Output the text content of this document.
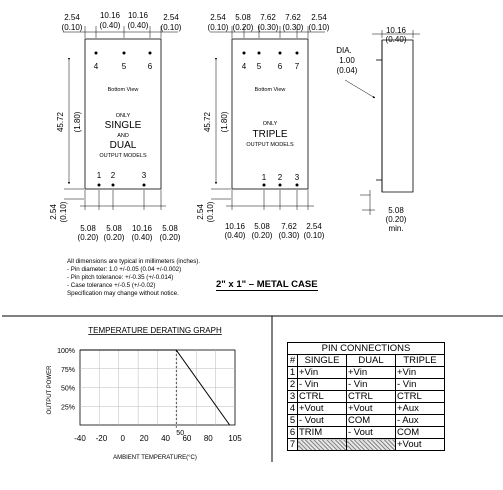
2.54
(0.10)
10.16
(0.40)
10.16
(0.40)
2.54
(0.10)
4	5	6
1 2	3
Bottom View
ONLY
SINGLE
AND
DUAL
OUTPUT MODELS
45.72 (1.80)
2.54 (0.10)
5.08
(0.20)
5.08
(0.20)
10.16
(0.40)
5.08
(0.20)
2.54
(0.10)
5.08
(0.20)
7.62
(0.30)
7.62
(0.30)
2.54
(0.10)
4 5 6 7
1 2 3
Bottom View
ONLY
TRIPLE
OUTPUT MODELS
45.72 (1.80)
2.54 (0.10)
10.16
(0.40)
5.08
(0.20)
7.62
(0.30)
2.54
(0.10)
10.16
(0.40)
DIA.
1.00
(0.04)
5.08
(0.20)
min.
All dimensions are typical in millimeters (inches).
- Pin diameter: 1.0 +/-0.05 (0.04 +/-0.002)
- Pin pitch tolerance: +/-0.35 (+/-0.014)
- Case tolerance +/-0.5 (+/-0.02)
Specification may change without notice.
2" x 1" – METAL CASE
TEMPERATURE DERATING GRAPH
OUTPUT POWER
AMBIENT TEMPERATURE(°C)
-40 -20 0 20 40 60 80 105
100%
75%
50%
25%
50
PIN CONNECTIONS			
#	SINGLE	DUAL	TRIPLE
1	+Vin	+Vin	+Vin
2	- Vin	- Vin	- Vin
3	CTRL	CTRL	CTRL
4	+Vout	+Vout	+Aux
5	- Vout	COM	- Aux
6	TRIM	- Vout	COM
7			+Vout
